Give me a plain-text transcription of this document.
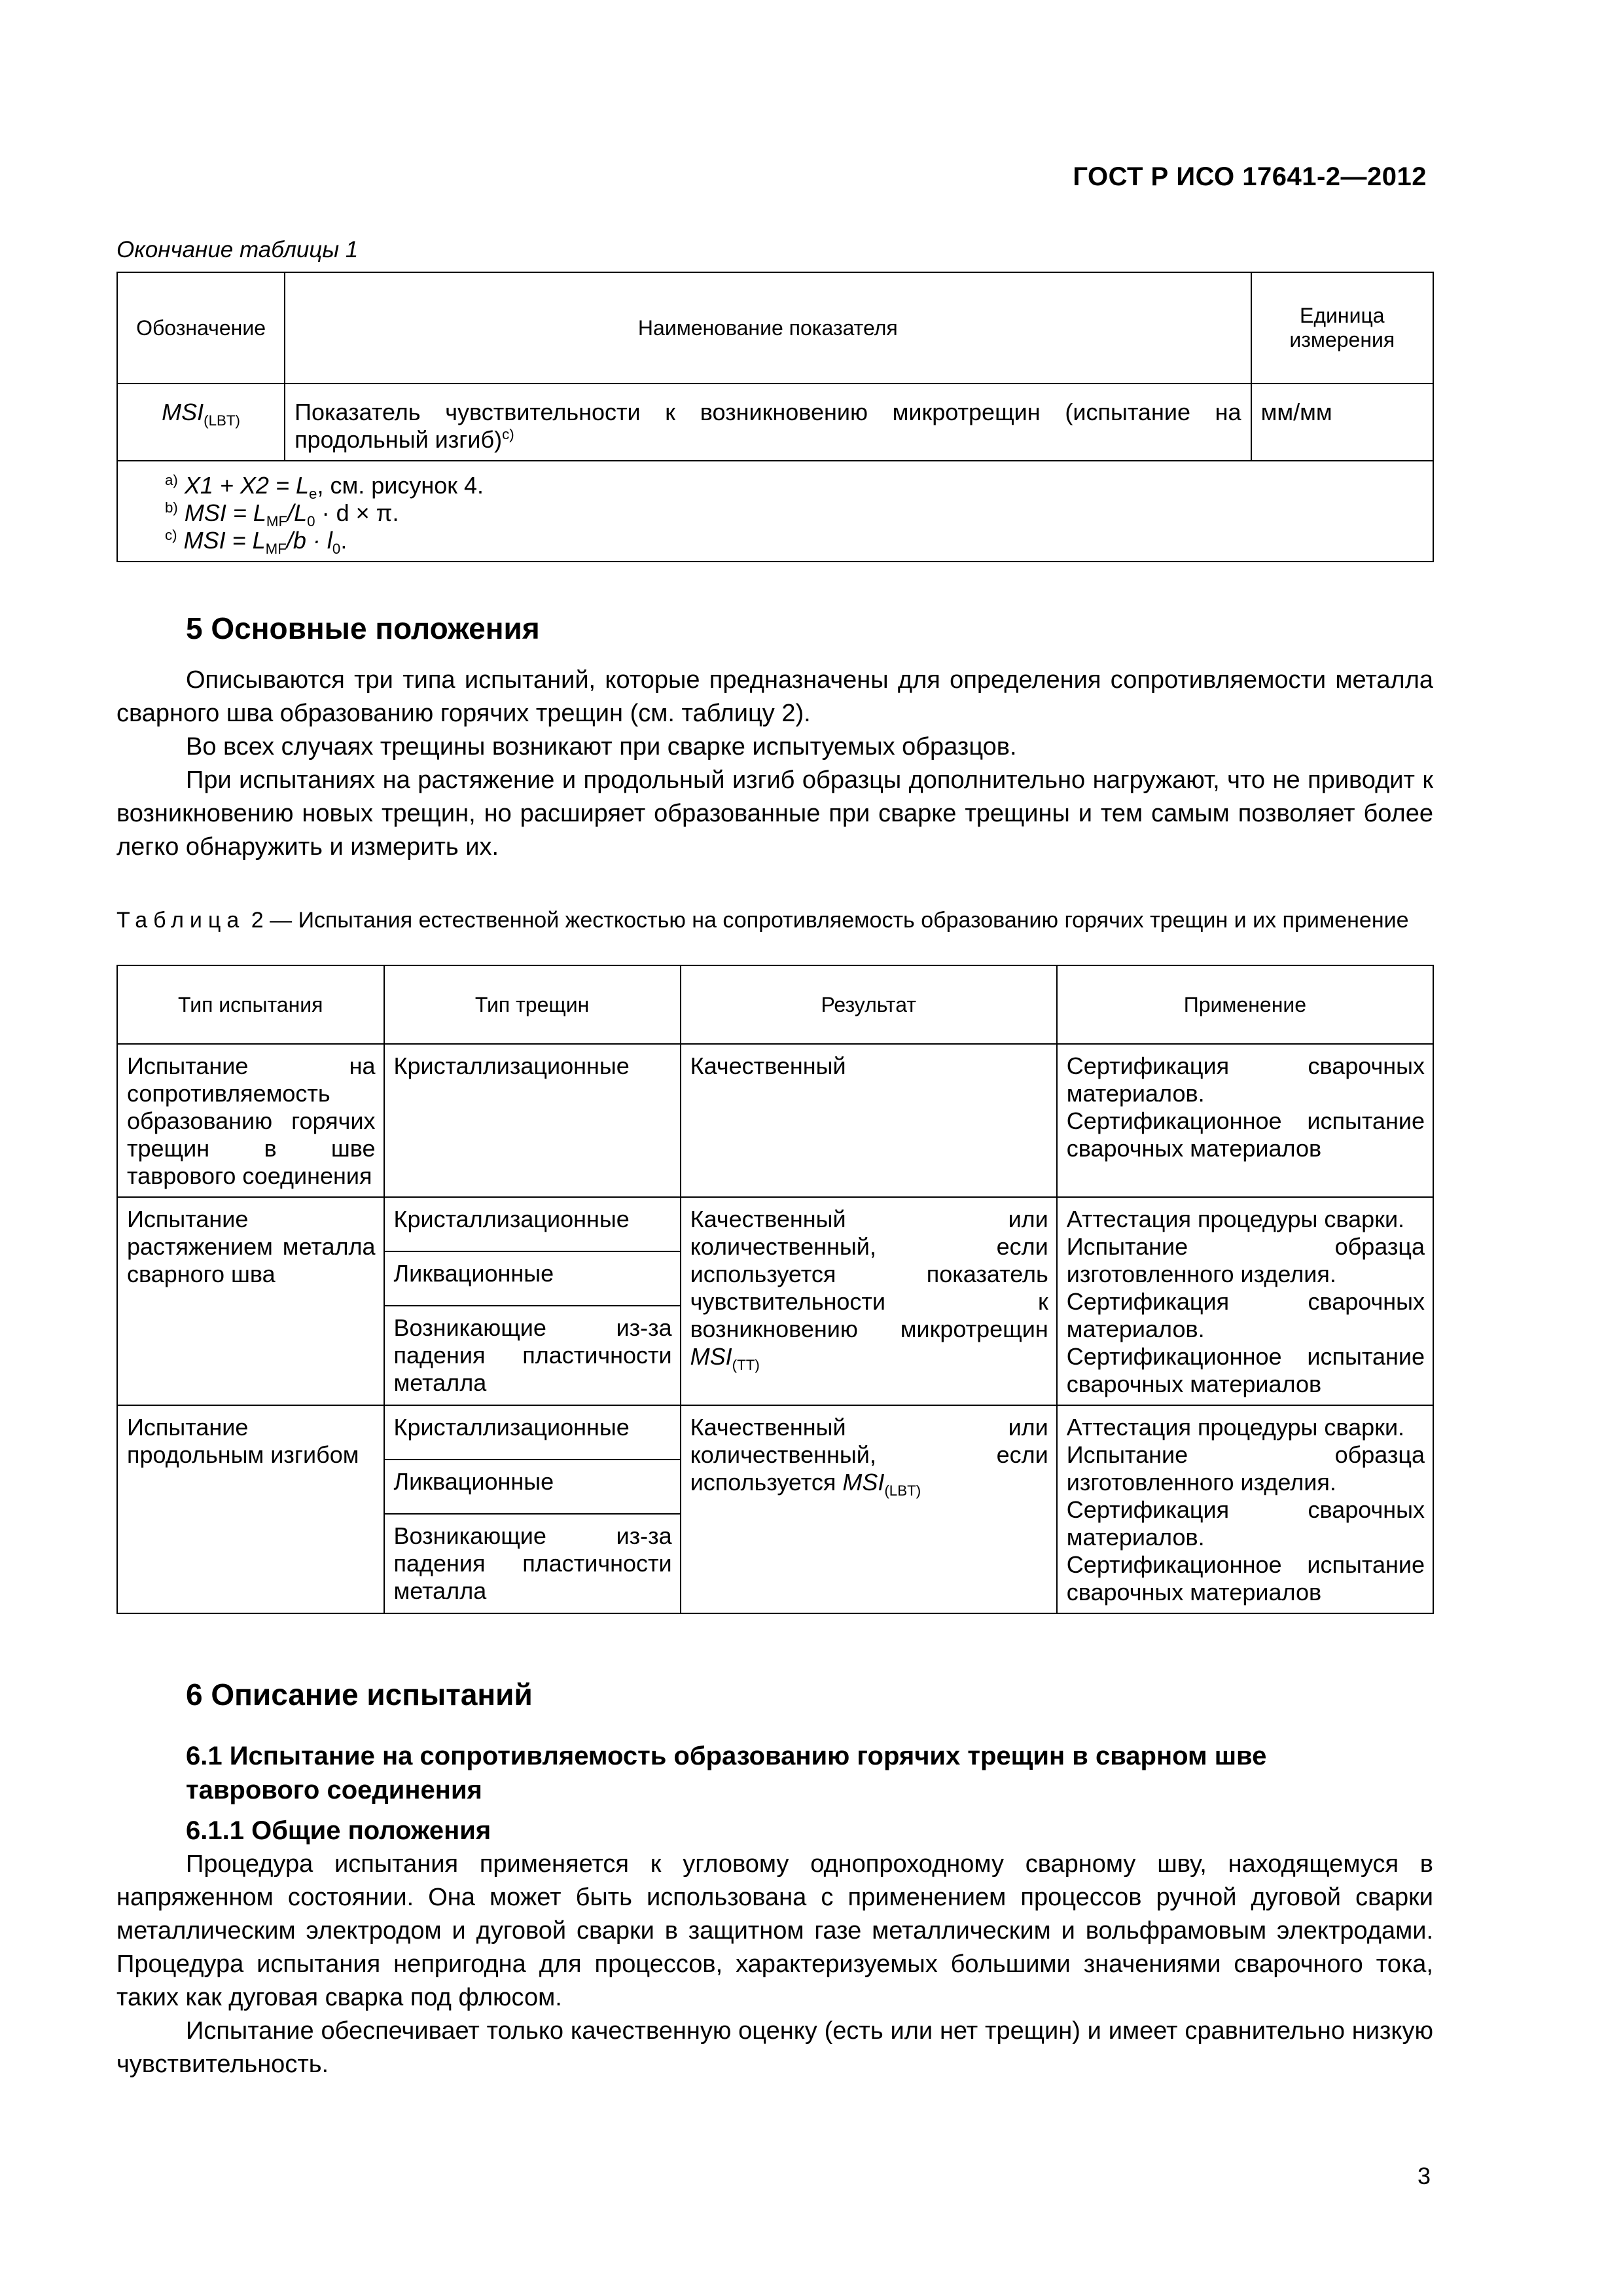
ГОСТ Р ИСО 17641-2—2012
Окончание таблицы 1
Обозначение	Наименование показателя	Единица измерения
$MSI_{(LBT)}$	Показатель чувствительности к возникновению микротрещин (испытание на продольный изгиб)$^{c)}$	мм/мм

$^{a)}$ $X1 + X2 = L_e$, см. рисунок 4.
$^{b)}$ MSI = $L_{MF}/L_0 \cdot d \times \pi$.
$^{c)}$ MSI = $L_{MF}/b \cdot l_0$.		
5 Основные положения

Описываются три типа испытаний, которые предназначены для определения сопротивляемости металла сварного шва образованию горячих трещин (см. таблицу 2).

Во всех случаях трещины возникают при сварке испытуемых образцов.

При испытаниях на растяжение и продольный изгиб образцы дополнительно нагружают, что не приводит к возникновению новых трещин, но расширяет образованные при сварке трещины и тем самым позволяет более легко обнаружить и измерить их.

Таблица 2 — Испытания естественной жесткостью на сопротивляемость образованию горячих трещин и их применение
Тип испытания	Тип трещин	Результат	Применение
Испытание на сопротивляемость образованию горячих трещин в шве таврового соединения	Кристаллизационные	Качественный	Сертификация сварочных материалов.
Сертификационное испытание сварочных материалов

Испытание растяжением металла сварного шва	Кристаллизационные	Качественный или количественный, если используется показатель чувствительности к возникновению микротрещин $MSI_{(TT)}$	Аттестация процедуры сварки.
Испытание образца изготовленного изделия.
Сертификация сварочных материалов.
Сертификационное испытание сварочных материалов

	Ликвационные		
	Возникающие из-за падения пластичности металла		
Испытание продольным изгибом	Кристаллизационные	Качественный или количественный, если используется $MSI_{(LBT)}$	Аттестация процедуры сварки.
Испытание образца изготовленного изделия.
Сертификация сварочных материалов.
Сертификационное испытание сварочных материалов

	Ликвационные		
	Возникающие из-за падения пластичности металла		
6 Описание испытаний
6.1 Испытание на сопротивляемость образованию горячих трещин в сварном шве таврового соединения
6.1.1 Общие положения

Процедура испытания применяется к угловому однопроходному сварному шву, находящемуся в напряженном состоянии. Она может быть использована с применением процессов ручной дуговой сварки металлическим электродом и дуговой сварки в защитном газе металлическим и вольфрамовым электродами. Процедура испытания непригодна для процессов, характеризуемых большими значениями сварочного тока, таких как дуговая сварка под флюсом.

Испытание обеспечивает только качественную оценку (есть или нет трещин) и имеет сравнительно низкую чувствительность.

3
